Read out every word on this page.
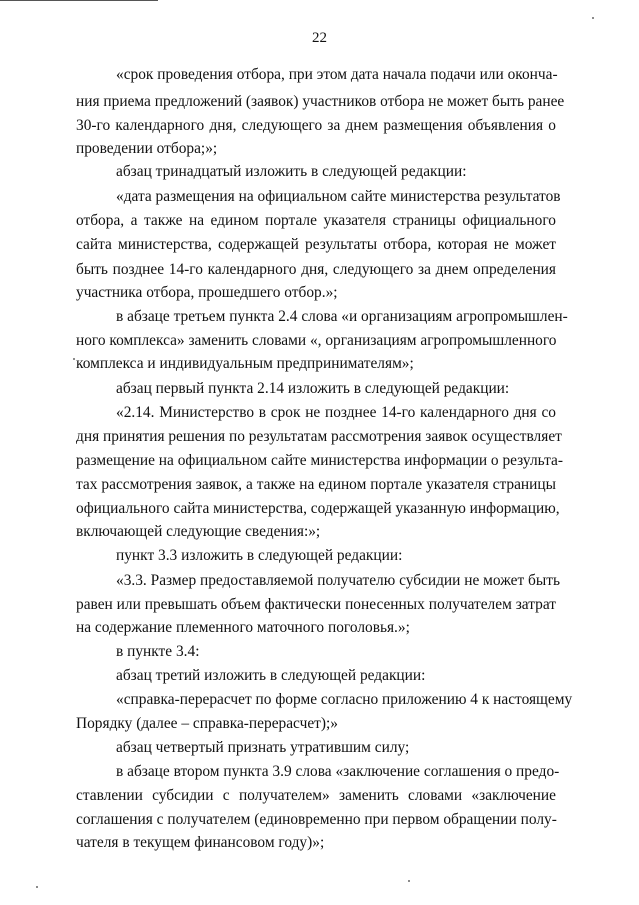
22
«срок проведения отбора, при этом дата начала подачи или оконча-
ния приема предложений (заявок) участников отбора не может быть ранее
30-го календарного дня, следующего за днем размещения объявления о
проведении отбора;»;
абзац тринадцатый изложить в следующей редакции:
«дата размещения на официальном сайте министерства результатов
отбора, а также на едином портале указателя страницы официального
сайта министерства, содержащей результаты отбора, которая не может
быть позднее 14-го календарного дня, следующего за днем определения
участника отбора, прошедшего отбор.»;
в абзаце третьем пункта 2.4 слова «и организациям агропромышлен-
ного комплекса» заменить словами «, организациям агропромышленного
комплекса и индивидуальным предпринимателям»;
абзац первый пункта 2.14 изложить в следующей редакции:
«2.14. Министерство в срок не позднее 14-го календарного дня со
дня принятия решения по результатам рассмотрения заявок осуществляет
размещение на официальном сайте министерства информации о результа-
тах рассмотрения заявок, а также на едином портале указателя страницы
официального сайта министерства, содержащей указанную информацию,
включающей следующие сведения:»;
пункт 3.3 изложить в следующей редакции:
«3.3. Размер предоставляемой получателю субсидии не может быть
равен или превышать объем фактически понесенных получателем затрат
на содержание племенного маточного поголовья.»;
в пункте 3.4:
абзац третий изложить в следующей редакции:
«справка-перерасчет по форме согласно приложению 4 к настоящему
Порядку (далее – справка-перерасчет);»
абзац четвертый признать утратившим силу;
в абзаце втором пункта 3.9 слова «заключение соглашения о предо-
ставлении субсидии с получателем» заменить словами «заключение
соглашения с получателем (единовременно при первом обращении полу-
чателя в текущем финансовом году)»;
